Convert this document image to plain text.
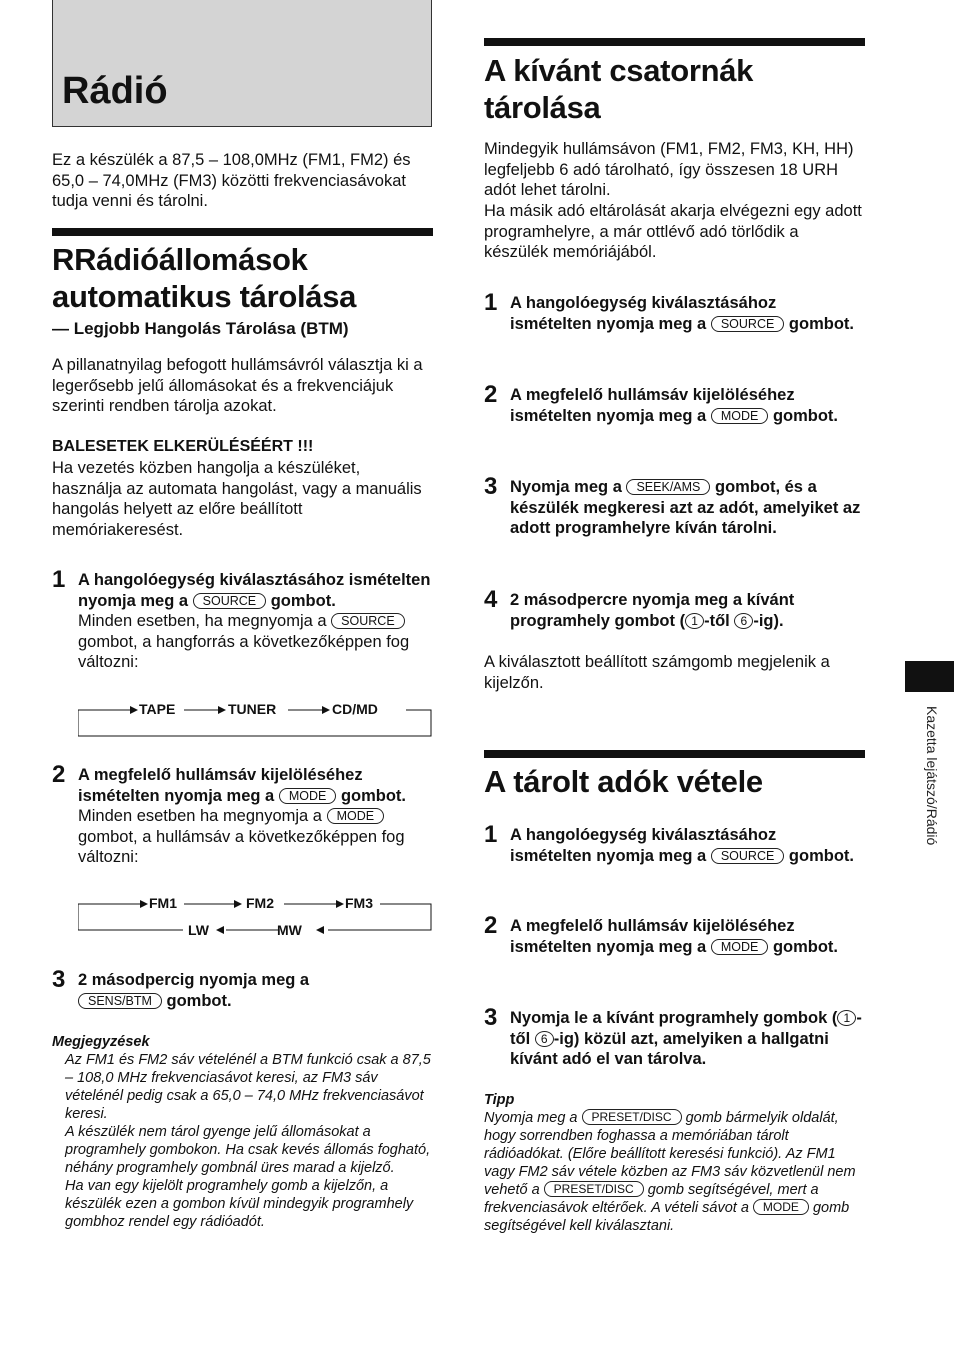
Rádió
Ez a készülék a 87,5 – 108,0MHz (FM1, FM2) és 65,0 – 74,0MHz (FM3) közötti frekvenciasávokat tudja venni és tárolni.
RRádióállomások
automatikus tárolása
— Legjobb Hangolás Tárolása (BTM)
A pillanatnyilag befogott hullámsávról választja ki a legerősebb jelű állomásokat és a frekvenciájuk szerinti rendben tárolja azokat.
BALESETEK ELKERÜLÉSÉÉRT !!!
Ha vezetés közben hangolja a készüléket, használja az automata hangolást, vagy a manuális hangolás helyett az előre beállított memóriakeresést.
1 A hangolóegység kiválasztásához ismételten nyomja meg a SOURCE gombot.
Minden esetben, ha megnyomja a SOURCE gombot, a hangforrás a következőképpen fog változni:
TAPE	TUNER	CD/MD
2 A megfelelő hullámsáv kijelöléséhez ismételten nyomja meg a MODE gombot.
Minden esetben ha megnyomja a MODE gombot, a hullámsáv a következőképpen fog változni:
FM1	FM2	FM3
LW	MW
3 2 másodpercig nyomja meg a
SENS/BTM gombot.
Megjegyzések
Az FM1 és FM2 sáv vételénél a BTM funkció csak a 87,5 – 108,0 MHz frekvenciasávot keresi, az FM3 sáv vételénél pedig csak a 65,0 – 74,0 MHz frekvenciasávot keresi.
A készülék nem tárol gyenge jelű állomásokat a programhely gombokon. Ha csak kevés állomás fogható, néhány programhely gombnál üres marad a kijelző.
Ha van egy kijelölt programhely gomb a kijelzőn, a készülék ezen a gombon kívül mindegyik programhely gombhoz rendel egy rádióadót.
A kívánt csatornák
tárolása
Mindegyik hullámsávon (FM1, FM2, FM3, KH, HH) legfeljebb 6 adó tárolható, így összesen 18 URH adót lehet tárolni.
Ha másik adó eltárolását akarja elvégezni egy adott programhelyre, a már ottlévő adó törlődik a készülék memóriájából.
1 A hangolóegység kiválasztásához ismételten nyomja meg a SOURCE gombot.
2 A megfelelő hullámsáv kijelöléséhez ismételten nyomja meg a MODE gombot.
3 Nyomja meg a SEEK/AMS gombot, és a készülék megkeresi azt az adót, amelyiket az adott programhelyre kíván tárolni.
4 2 másodpercre nyomja meg a kívánt programhely gombot ( 1 -től 6 -ig).
A kiválasztott beállított számgomb megjelenik a kijelzőn.
A tárolt adók vétele
1 A hangolóegység kiválasztásához ismételten nyomja meg a SOURCE gombot.
2 A megfelelő hullámsáv kijelöléséhez ismételten nyomja meg a MODE gombot.
3 Nyomja le a kívánt programhely gombok ( 1 -től 6 -ig) közül azt, amelyiken a hallgatni kívánt adó el van tárolva.
Tipp
Nyomja meg a PRESET/DISC gomb bármelyik oldalát, hogy sorrendben foghassa a memóriában tárolt rádióadókat. (Előre beállított keresési funkció). Az FM1 vagy FM2 sáv vétele közben az FM3 sáv közvetlenül nem vehető a PRESET/DISC gomb segítségével, mert a frekvenciasávok eltérőek. A vételi sávot a MODE gomb segítségével kell kiválasztani.
Kazetta lejátszó/Rádió
